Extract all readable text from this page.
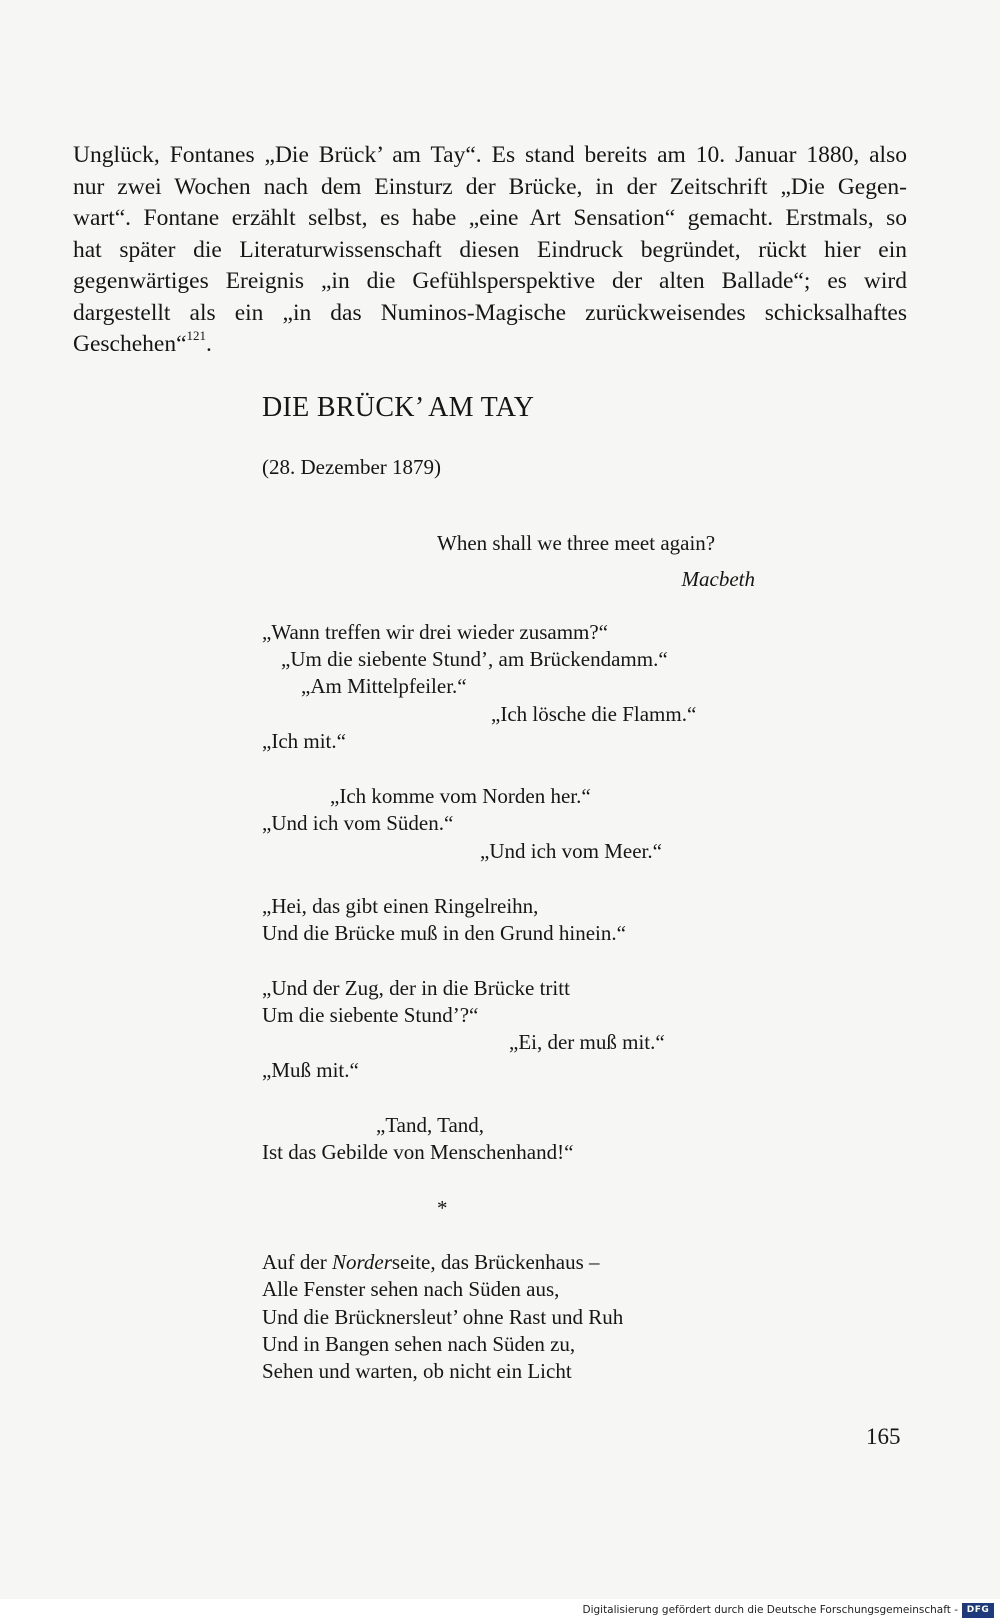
Unglück, Fontanes „Die Brück’ am Tay“. Es stand bereits am 10. Januar 1880, also
nur zwei Wochen nach dem Einsturz der Brücke, in der Zeitschrift „Die Gegen-
wart“. Fontane erzählt selbst, es habe „eine Art Sensation“ gemacht. Erstmals, so
hat später die Literaturwissenschaft diesen Eindruck begründet, rückt hier ein
gegenwärtiges Ereignis „in die Gefühlsperspektive der alten Ballade“; es wird
dargestellt als ein „in das Numinos-Magische zurückweisendes schicksalhaftes
Geschehen“$^{121}$.
DIE BRÜCK’ AM TAY
(28. Dezember 1879)
When shall we three meet again?
Macbeth
„Wann treffen wir drei wieder zusamm?“
„Um die siebente Stund’, am Brückendamm.“
„Am Mittelpfeiler.“
„Ich lösche die Flamm.“
„Ich mit.“
„Ich komme vom Norden her.“
„Und ich vom Süden.“
„Und ich vom Meer.“
„Hei, das gibt einen Ringelreihn,
Und die Brücke muß in den Grund hinein.“
„Und der Zug, der in die Brücke tritt
Um die siebente Stund’?“
„Ei, der muß mit.“
„Muß mit.“
„Tand, Tand,
Ist das Gebilde von Menschenhand!“
*
Auf der Norderseite, das Brückenhaus –
Alle Fenster sehen nach Süden aus,
Und die Brücknersleut’ ohne Rast und Ruh
Und in Bangen sehen nach Süden zu,
Sehen und warten, ob nicht ein Licht
165
Digitalisierung gefördert durch die Deutsche Forschungsgemeinschaft - DFG
